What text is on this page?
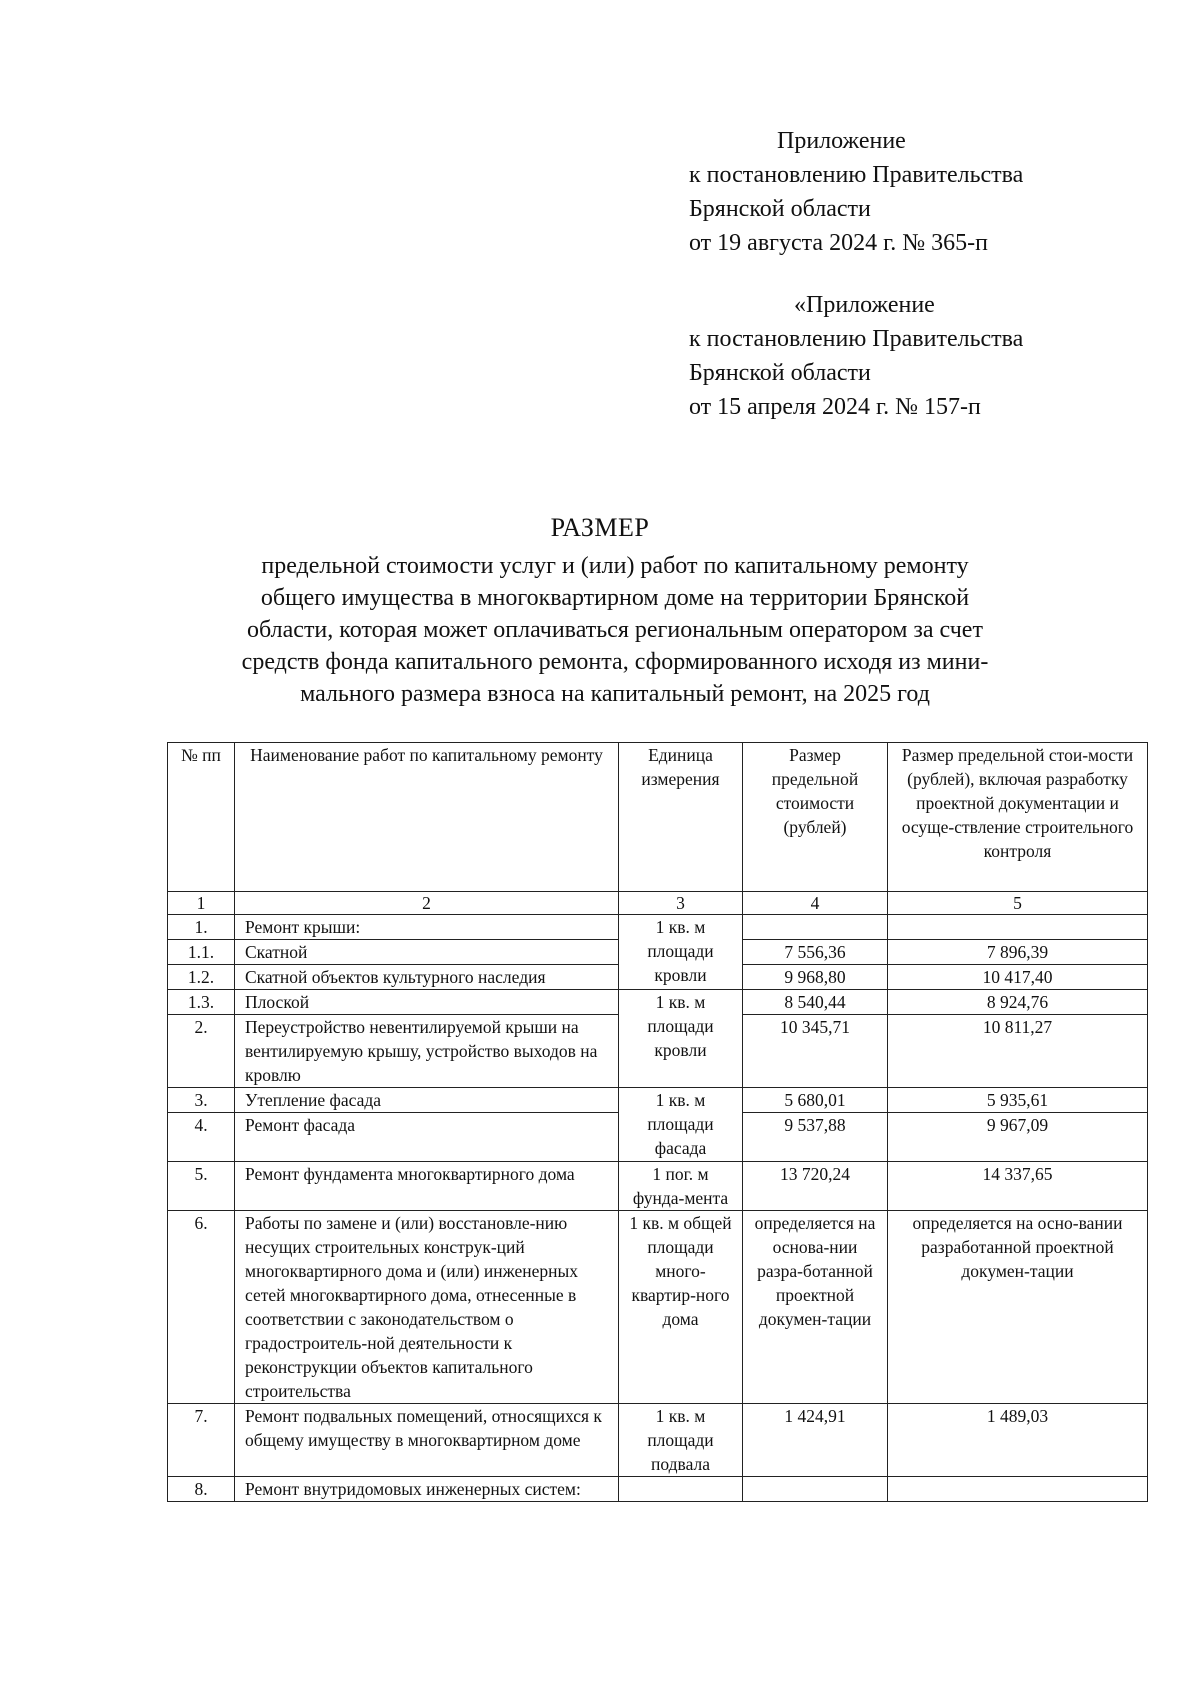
Приложение
к постановлению Правительства
Брянской области
от 19 августа 2024 г. № 365-п
«Приложение
к постановлению Правительства
Брянской области
от 15 апреля 2024 г. № 157-п
РАЗМЕР
предельной стоимости услуг и (или) работ по капитальному ремонту
общего имущества в многоквартирном доме на территории Брянской
области, которая может оплачиваться региональным оператором за счет
средств фонда капитального ремонта, сформированного исходя из мини-
мального размера взноса на капитальный ремонт, на 2025 год
№ пп	Наименование работ по капитальному ремонту	Единица измерения	Размер предельной стоимости (рублей)	Размер предельной стои-мости (рублей), включая разработку проектной документации и осуще-ствление строительного контроля
1	2	3	4	5
1.	Ремонт крыши:	1 кв. м площади кровли		
1.1.	Скатной		7 556,36	7 896,39
1.2.	Скатной объектов культурного наследия		9 968,80	10 417,40
1.3.	Плоской	1 кв. м площади кровли	8 540,44	8 924,76
2.	Переустройство невентилируемой крыши на вентилируемую крышу, устройство выходов на кровлю		10 345,71	10 811,27
3.	Утепление фасада	1 кв. м площади фасада	5 680,01	5 935,61
4.	Ремонт фасада		9 537,88	9 967,09
5.	Ремонт фундамента многоквартирного дома	1 пог. м фунда-мента	13 720,24	14 337,65
6.	Работы по замене и (или) восстановле-нию несущих строительных конструк-ций многоквартирного дома и (или) инженерных сетей многоквартирного дома, отнесенные в соответствии с законодательством о градостроитель-ной деятельности к реконструкции объектов капитального строительства	1 кв. м общей площади много-квартир-ного дома	определяется на основа-нии разра-ботанной проектной докумен-тации	определяется на осно-вании разработанной проектной докумен-тации
7.	Ремонт подвальных помещений, относящихся к общему имуществу в многоквартирном доме	1 кв. м площади подвала	1 424,91	1 489,03
8.	Ремонт внутридомовых инженерных систем:			
